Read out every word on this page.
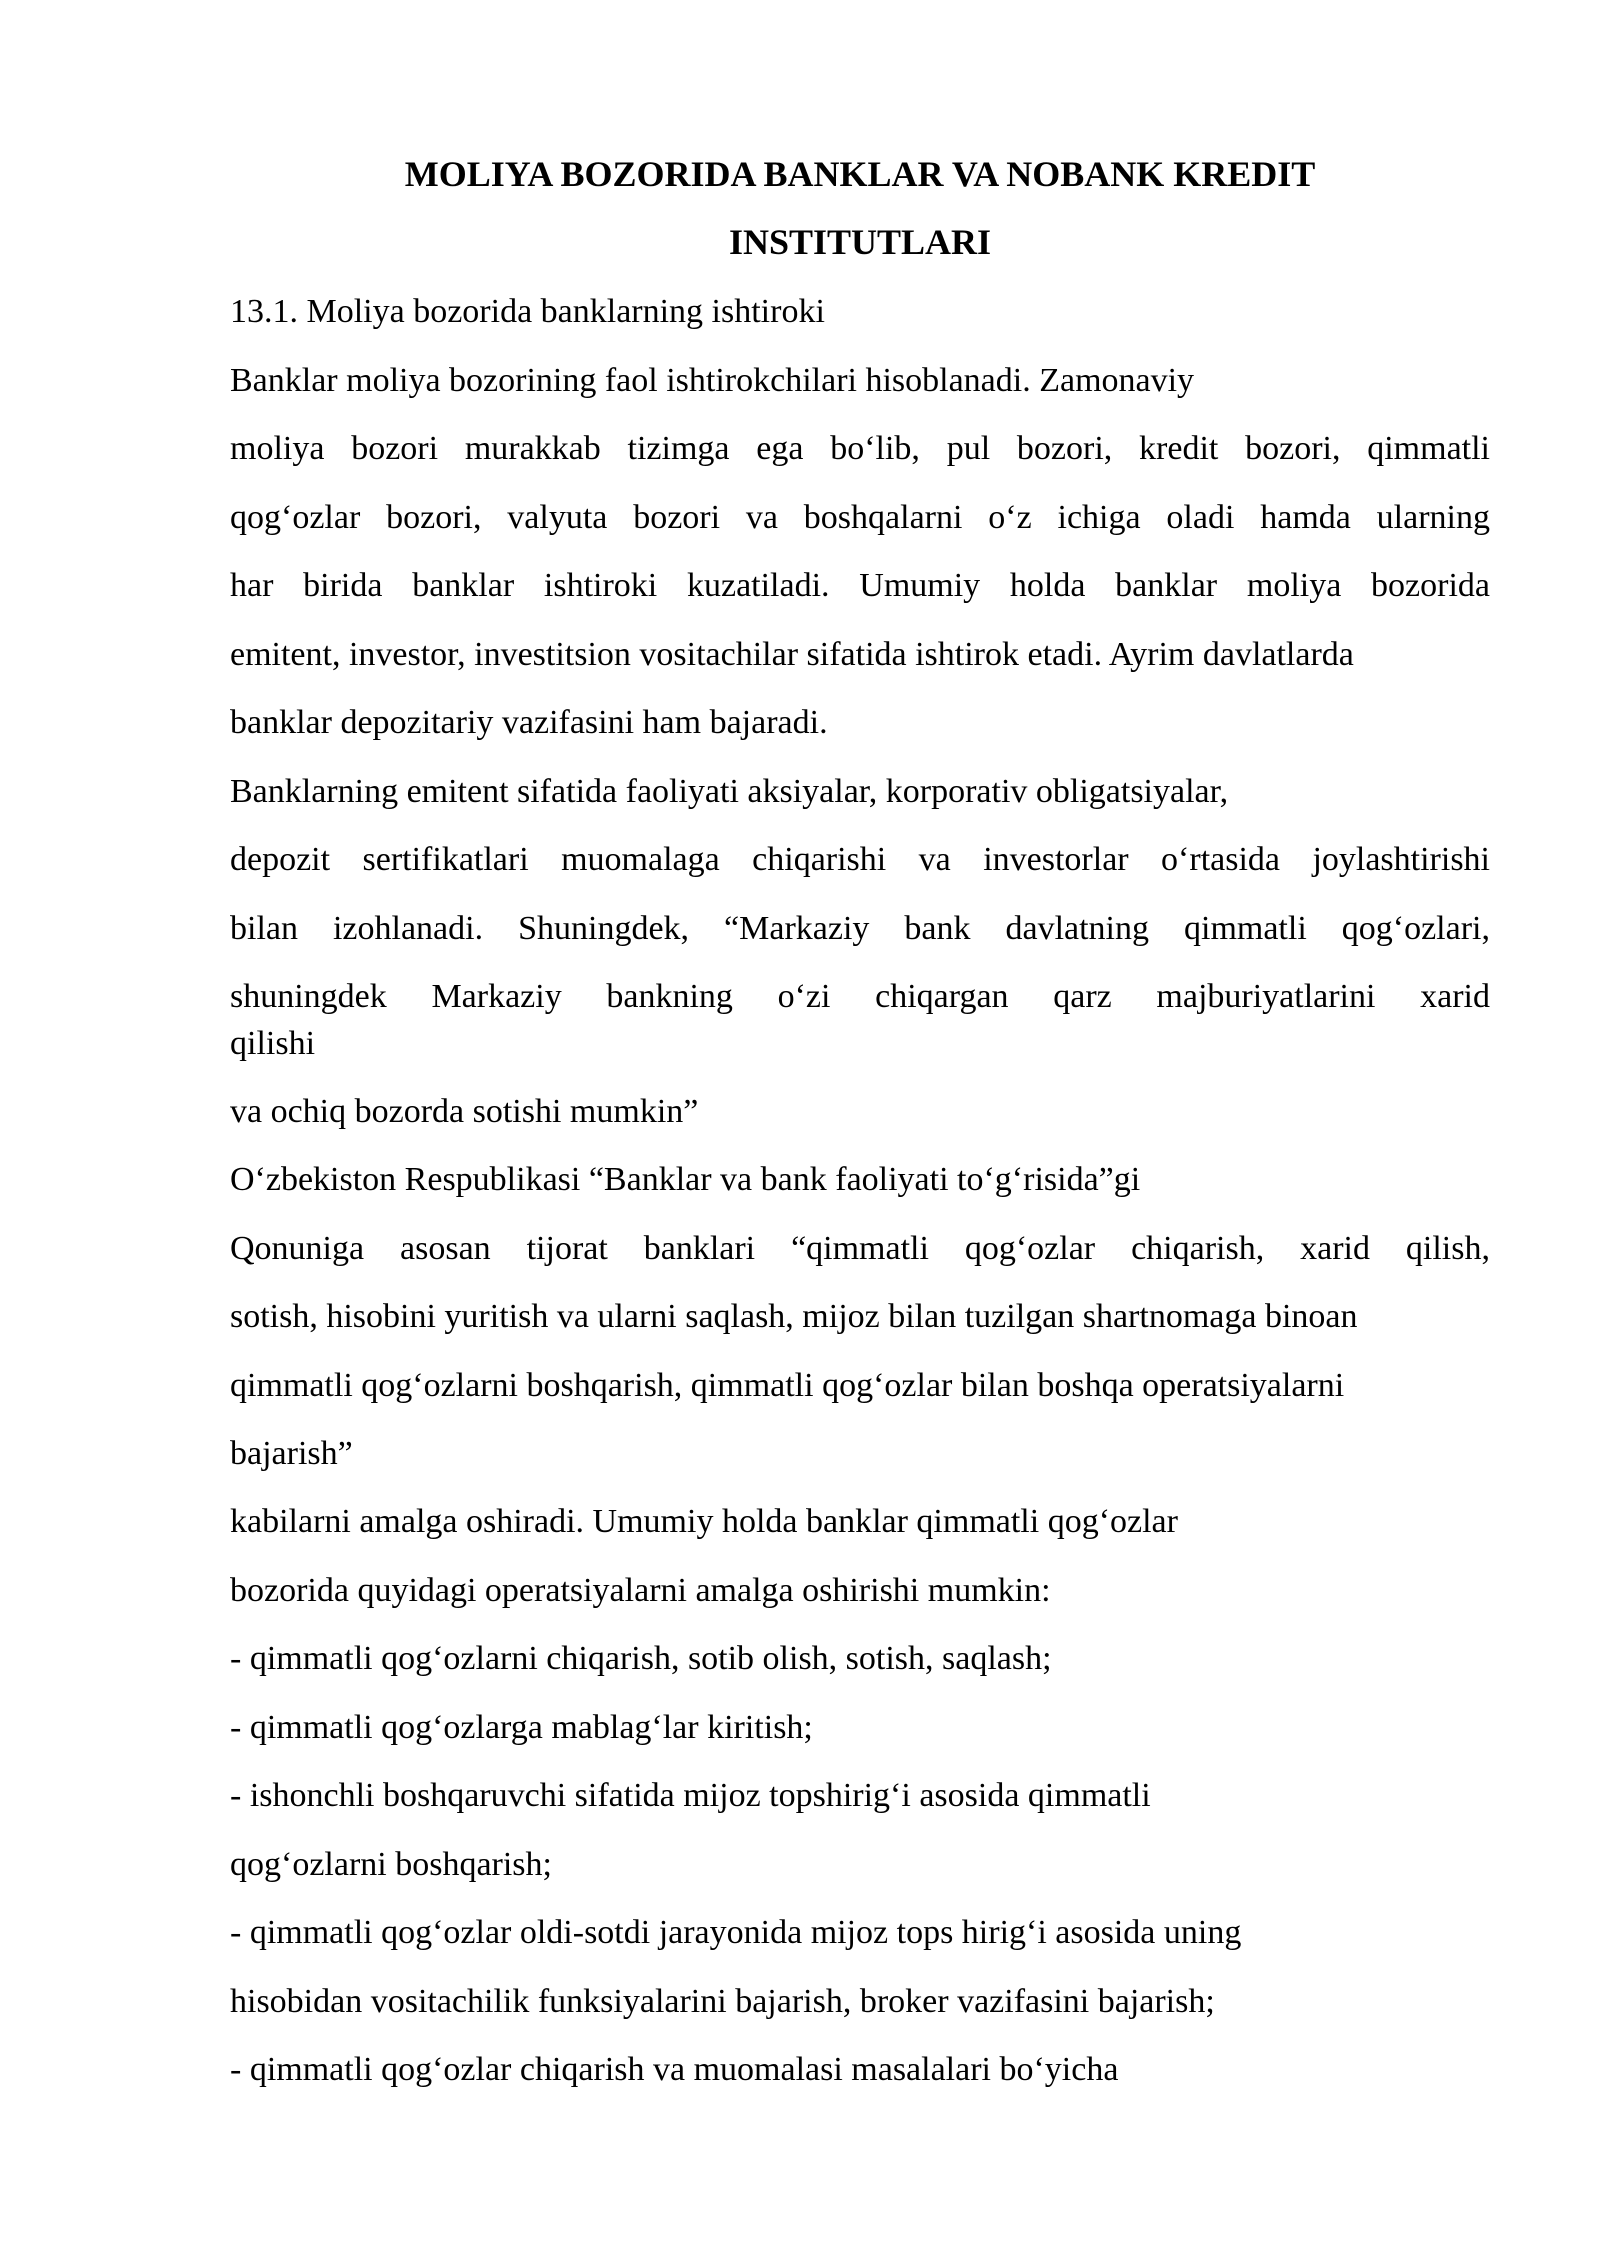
MOLIYA BOZORIDA BANKLAR VA NOBANK KREDIT
INSTITUTLARI
13.1. Moliya bozorida banklarning ishtiroki
Banklar moliya bozorining faol ishtirokchilari hisoblanadi. Zamonaviy
moliya bozori murakkab tizimga ega bo‘lib, pul bozori, kredit bozori, qimmatli
qog‘ozlar bozori, valyuta bozori va boshqalarni o‘z ichiga oladi hamda ularning
har birida banklar ishtiroki kuzatiladi. Umumiy holda banklar moliya bozorida
emitent, investor, investitsion vositachilar sifatida ishtirok etadi. Ayrim davlatlarda
banklar depozitariy vazifasini ham bajaradi.
Banklarning emitent sifatida faoliyati aksiyalar, korporativ obligatsiyalar,
depozit sertifikatlari muomalaga chiqarishi va investorlar o‘rtasida joylashtirishi
bilan izohlanadi. Shuningdek, “Markaziy bank davlatning qimmatli qog‘ozlari,
shuningdek Markaziy bankning o‘zi chiqargan qarz majburiyatlarini xarid
qilishi
va ochiq bozorda sotishi mumkin”
O‘zbekiston Respublikasi “Banklar va bank faoliyati to‘g‘risida”gi
Qonuniga asosan tijorat banklari “qimmatli qog‘ozlar chiqarish, xarid qilish,
sotish, hisobini yuritish va ularni saqlash, mijoz bilan tuzilgan shartnomaga binoan
qimmatli qog‘ozlarni boshqarish, qimmatli qog‘ozlar bilan boshqa operatsiyalarni
bajarish”
kabilarni amalga oshiradi. Umumiy holda banklar qimmatli qog‘ozlar
bozorida quyidagi operatsiyalarni amalga oshirishi mumkin:
- qimmatli qog‘ozlarni chiqarish, sotib olish, sotish, saqlash;
- qimmatli qog‘ozlarga mablag‘lar kiritish;
- ishonchli boshqaruvchi sifatida mijoz topshirig‘i asosida qimmatli
qog‘ozlarni boshqarish;
- qimmatli qog‘ozlar oldi-sotdi jarayonida mijoz tops hirig‘i asosida uning
hisobidan vositachilik funksiyalarini bajarish, broker vazifasini bajarish;
- qimmatli qog‘ozlar chiqarish va muomalasi masalalari bo‘yicha
